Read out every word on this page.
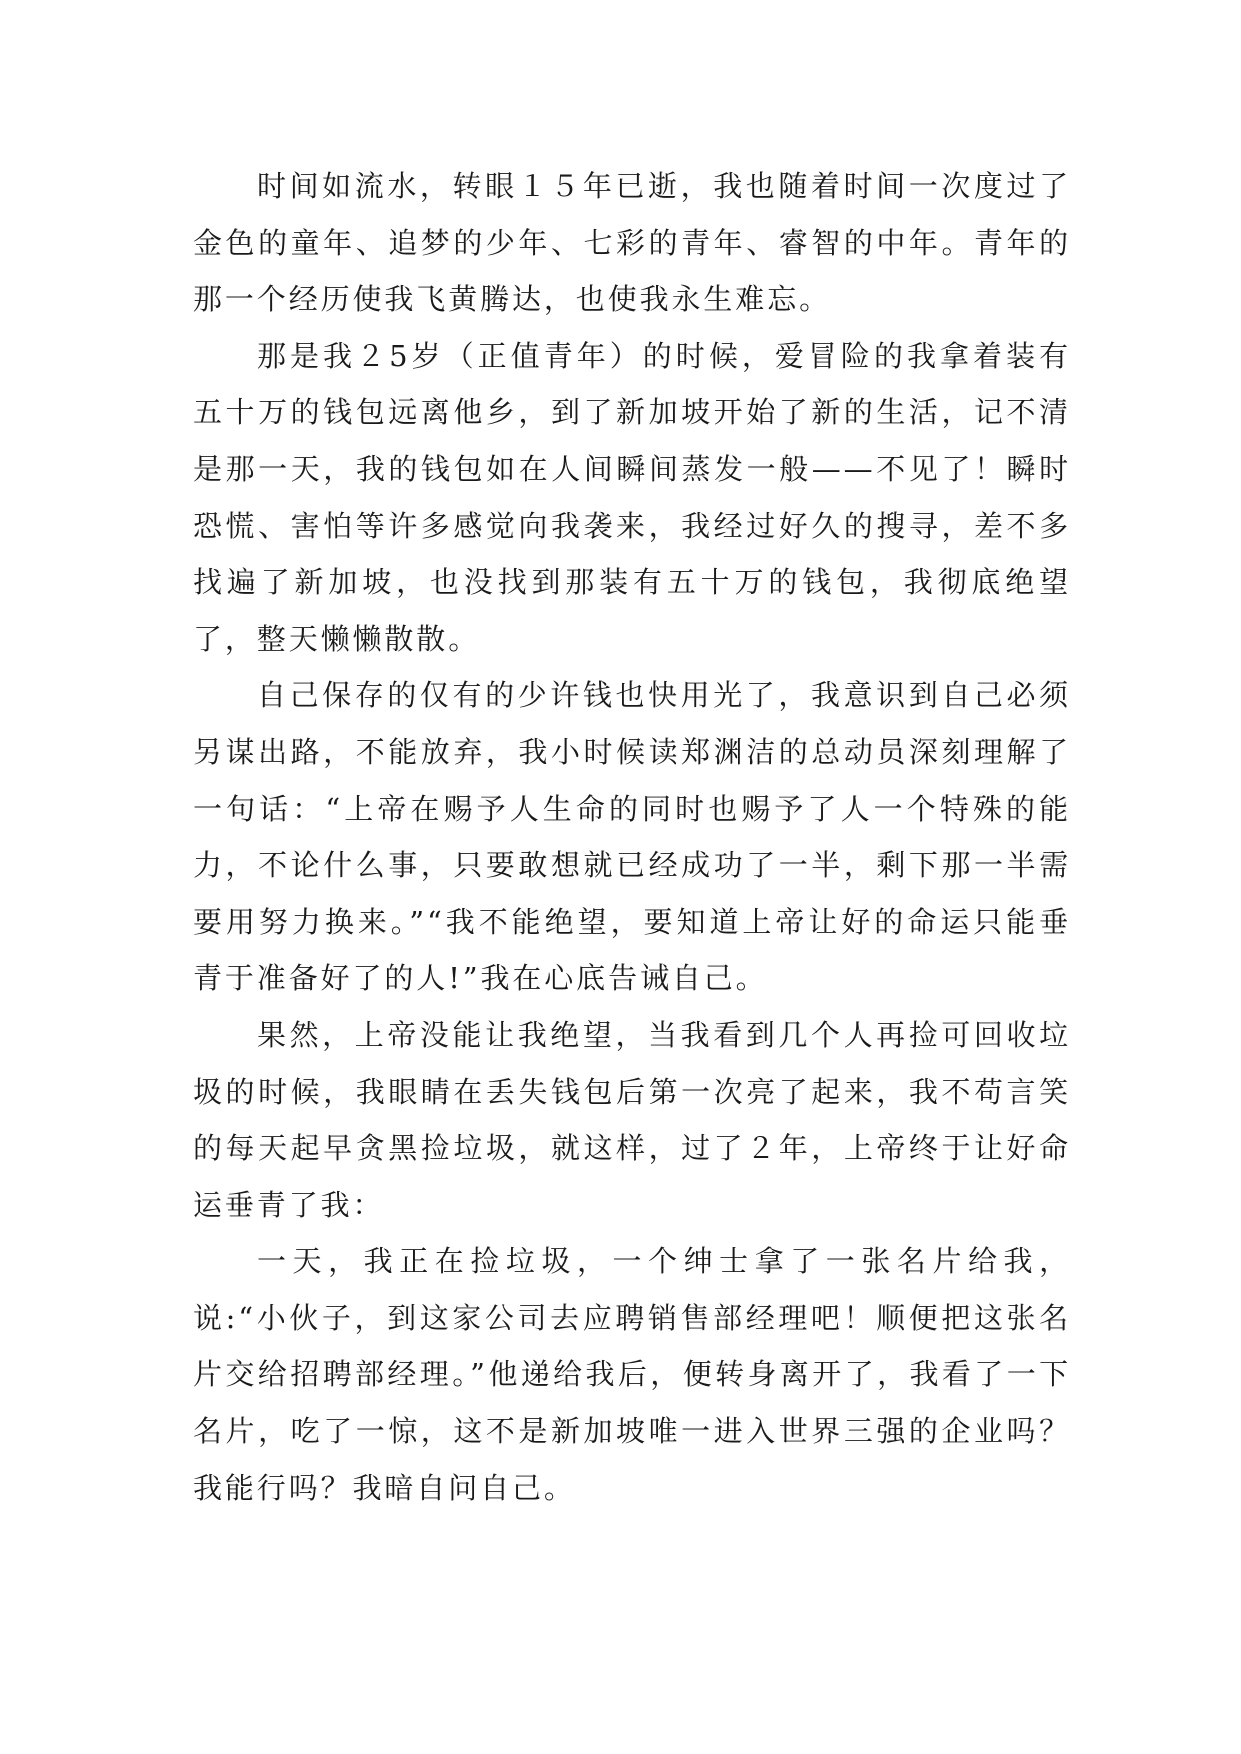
时间如流水，转眼１５年已逝，我也随着时间一次度过了金色的童年、追梦的少年、七彩的青年、睿智的中年。青年的那一个经历使我飞黄腾达，也使我永生难忘。

那是我２5岁（正值青年）的时候，爱冒险的我拿着装有五十万的钱包远离他乡，到了新加坡开始了新的生活，记不清是那一天，我的钱包如在人间瞬间蒸发一般——不见了！瞬时恐慌、害怕等许多感觉向我袭来，我经过好久的搜寻，差不多找遍了新加坡，也没找到那装有五十万的钱包，我彻底绝望了，整天懒懒散散。

自己保存的仅有的少许钱也快用光了，我意识到自己必须另谋出路，不能放弃，我小时候读郑渊洁的总动员深刻理解了一句话：“上帝在赐予人生命的同时也赐予了人一个特殊的能力，不论什么事，只要敢想就已经成功了一半，剩下那一半需要用努力换来。”“我不能绝望，要知道上帝让好的命运只能垂青于准备好了的人!”我在心底告诫自己。

果然，上帝没能让我绝望，当我看到几个人再捡可回收垃圾的时候，我眼睛在丢失钱包后第一次亮了起来，我不苟言笑的每天起早贪黑捡垃圾，就这样，过了２年，上帝终于让好命运垂青了我：

一天，我正在捡垃圾，一个绅士拿了一张名片给我，说:“小伙子，到这家公司去应聘销售部经理吧！顺便把这张名片交给招聘部经理。”他递给我后，便转身离开了，我看了一下名片，吃了一惊，这不是新加坡唯一进入世界三强的企业吗？我能行吗？我暗自问自己。
